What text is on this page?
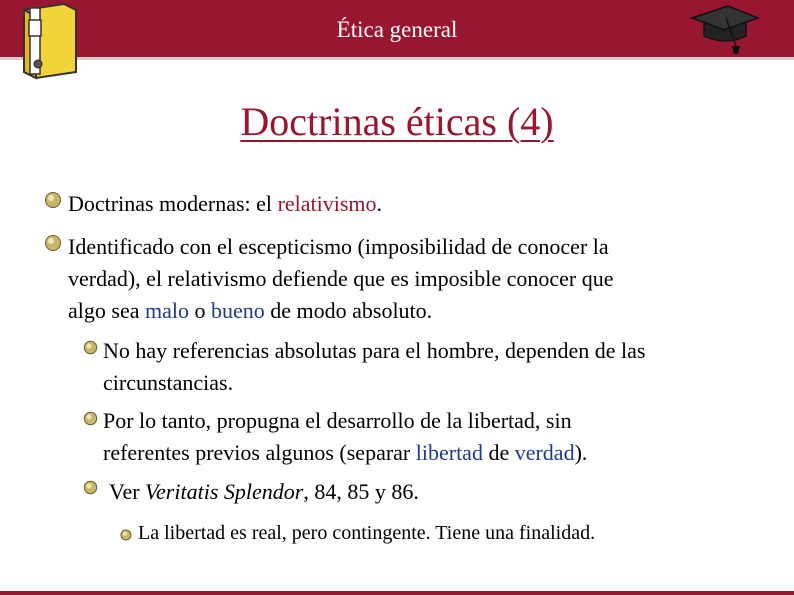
Ética general
Doctrinas éticas (4)
Doctrinas modernas: el relativismo.
Identificado con el escepticismo (imposibilidad de conocer la
verdad), el relativismo defiende que es imposible conocer que
algo sea malo o bueno de modo absoluto.
No hay referencias absolutas para el hombre, dependen de las
circunstancias.
Por lo tanto, propugna el desarrollo de la libertad, sin
referentes previos algunos (separar libertad de verdad).
Ver Veritatis Splendor, 84, 85 y 86.
La libertad es real, pero contingente. Tiene una finalidad.
